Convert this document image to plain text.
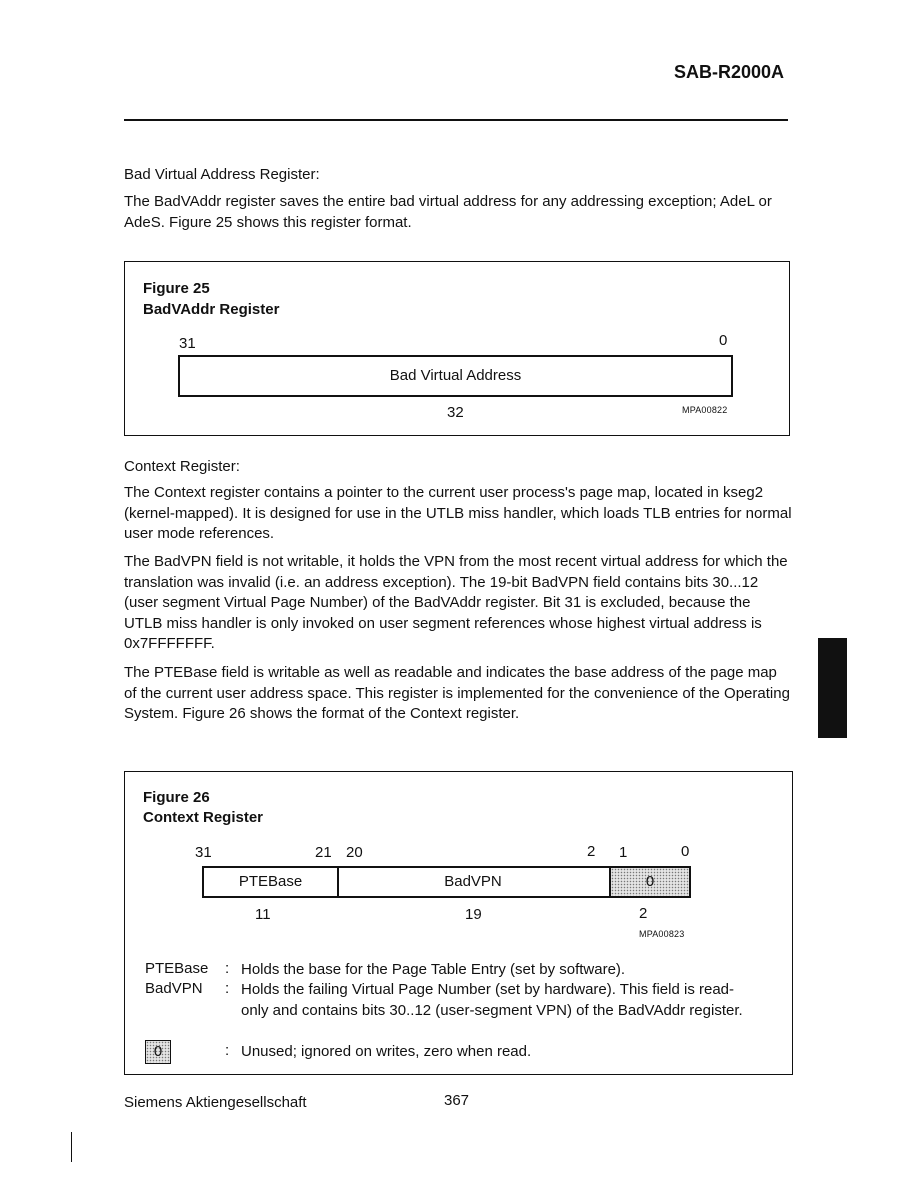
SAB-R2000A

Bad Virtual Address Register:

The BadVAddr register saves the entire bad virtual address for any addressing exception; AdeL or AdeS. Figure 25 shows this register format.

Figure 25
BadVAddr Register
31	0
Bad Virtual Address
32	MPA00822

Context Register:

The Context register contains a pointer to the current user process's page map, located in kseg2 (kernel-mapped). It is designed for use in the UTLB miss handler, which loads TLB entries for normal user mode references.

The BadVPN field is not writable, it holds the VPN from the most recent virtual address for which the translation was invalid (i.e. an address exception). The 19-bit BadVPN field contains bits 30...12 (user segment Virtual Page Number) of the BadVAddr register. Bit 31 is excluded, because the UTLB miss handler is only invoked on user segment references whose highest virtual address is 0x7FFFFFFF.

The PTEBase field is writable as well as readable and indicates the base address of the page map of the current user address space. This register is implemented for the convenience of the Operating System. Figure 26 shows the format of the Context register.

Figure 26
Context Register
31	21 20	2 1	0
PTEBase	BadVPN	0
11	19	2
MPA00823
PTEBase : Holds the base for the Page Table Entry (set by software).
BadVPN : Holds the failing Virtual Page Number (set by hardware). This field is read-only and contains bits 30..12 (user-segment VPN) of the BadVAddr register.
0	: Unused; ignored on writes, zero when read.
Siemens Aktiengesellschaft	367
